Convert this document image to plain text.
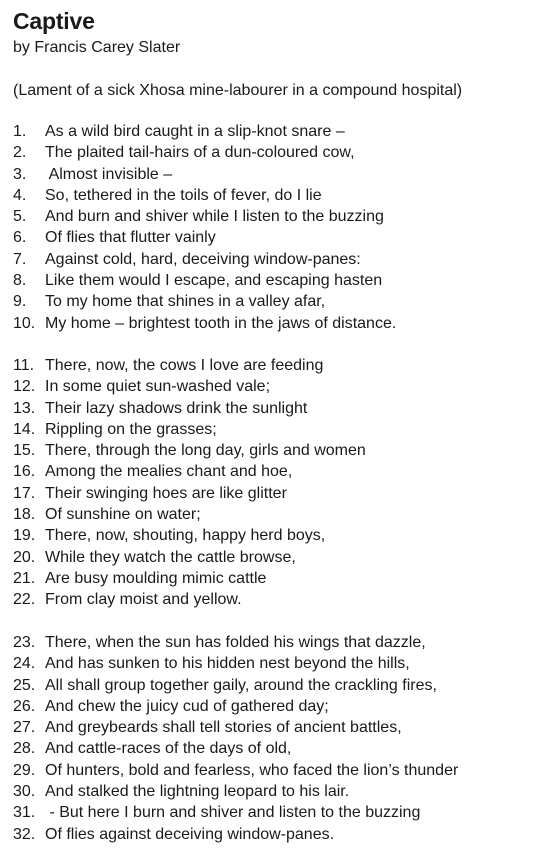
Captive
by Francis Carey Slater
(Lament of a sick Xhosa mine-labourer in a compound hospital)
1. As a wild bird caught in a slip-knot snare –
2. The plaited tail-hairs of a dun-coloured cow,
3. Almost invisible –
4. So, tethered in the toils of fever, do I lie
5. And burn and shiver while I listen to the buzzing
6. Of flies that flutter vainly
7. Against cold, hard, deceiving window-panes:
8. Like them would I escape, and escaping hasten
9. To my home that shines in a valley afar,
10. My home – brightest tooth in the jaws of distance.
11. There, now, the cows I love are feeding
12. In some quiet sun-washed vale;
13. Their lazy shadows drink the sunlight
14. Rippling on the grasses;
15. There, through the long day, girls and women
16. Among the mealies chant and hoe,
17. Their swinging hoes are like glitter
18. Of sunshine on water;
19. There, now, shouting, happy herd boys,
20. While they watch the cattle browse,
21. Are busy moulding mimic cattle
22. From clay moist and yellow.
23. There, when the sun has folded his wings that dazzle,
24. And has sunken to his hidden nest beyond the hills,
25. All shall group together gaily, around the crackling fires,
26. And chew the juicy cud of gathered day;
27. And greybeards shall tell stories of ancient battles,
28. And cattle-races of the days of old,
29. Of hunters, bold and fearless, who faced the lion’s thunder
30. And stalked the lightning leopard to his lair.
31. - But here I burn and shiver and listen to the buzzing
32. Of flies against deceiving window-panes.
